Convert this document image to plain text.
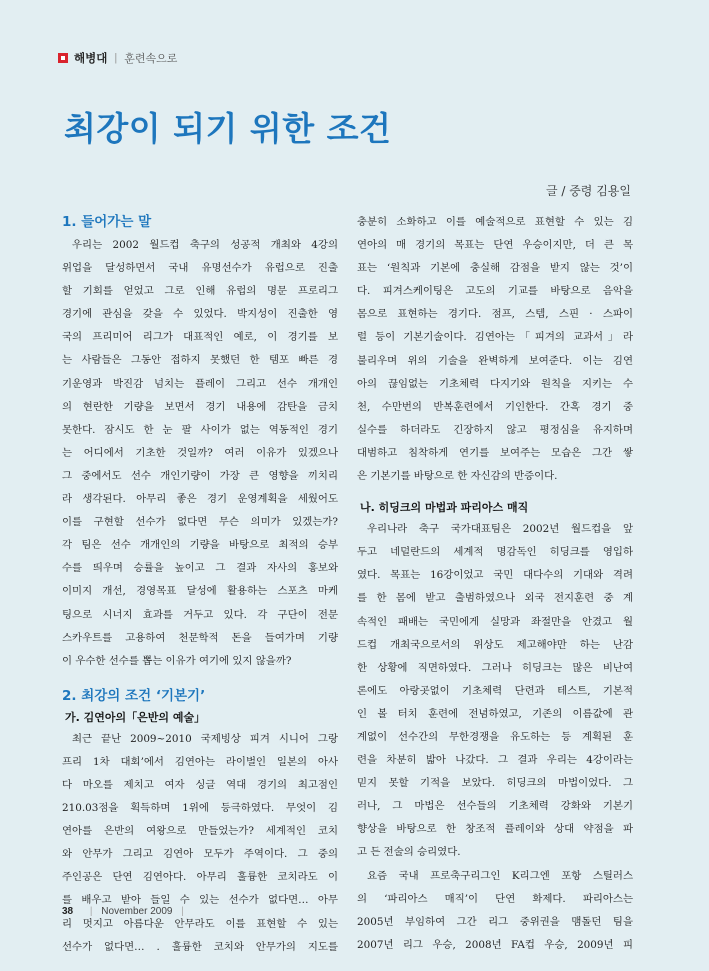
해병대 | 훈련속으로
최강이 되기 위한 조건
글 / 중령 김용일
1. 들어가는 말
우리는 2002 월드컵 축구의 성공적 개최와 4강의
위업을 달성하면서 국내 유명선수가 유럽으로 진출
할 기회를 얻었고 그로 인해 유럽의 명문 프로리그
경기에 관심을 갖을 수 있었다. 박지성이 진출한 영
국의 프리미어 리그가 대표적인 예로, 이 경기를 보
는 사람들은 그동안 접하지 못했던 한 템포 빠른 경
기운영과 박진감 넘치는 플레이 그리고 선수 개개인
의 현란한 기량을 보면서 경기 내용에 감탄을 금치
못한다. 잠시도 한 눈 팔 사이가 없는 역동적인 경기
는 어디에서 기초한 것일까? 여러 이유가 있겠으나
그 중에서도 선수 개인기량이 가장 큰 영향을 끼치리
라 생각된다. 아무리 좋은 경기 운영계획을 세웠어도
이를 구현할 선수가 없다면 무슨 의미가 있겠는가?
각 팀은 선수 개개인의 기량을 바탕으로 최적의 승부
수를 띄우며 승률을 높이고 그 결과 자사의 홍보와
이미지 개선, 경영목표 달성에 활용하는 스포츠 마케
팅으로 시너지 효과를 거두고 있다. 각 구단이 전문
스카우트를 고용하여 천문학적 돈을 들여가며 기량
이 우수한 선수를 뽑는 이유가 여기에 있지 않을까?
2. 최강의 조건 ‘기본기’
가. 김연아의「은반의 예술」
최근 끝난 2009~2010 국제빙상 피겨 시니어 그랑
프리 1차 대회’에서 김연아는 라이벌인 일본의 아사
다 마오를 제치고 여자 싱글 역대 경기의 최고점인
210.03점을 획득하며 1위에 등극하였다. 무엇이 김
연아를 은반의 여왕으로 만들었는가? 세계적인 코치
와 안무가 그리고 김연아 모두가 주역이다. 그 중의
주인공은 단연 김연아다. 아무리 훌륭한 코치라도 이
를 배우고 받아 들일 수 있는 선수가 없다면… 아무
리 멋지고 아름다운 안무라도 이를 표현할 수 있는
선수가 없다면… . 훌륭한 코치와 안무가의 지도를
충분히 소화하고 이를 예술적으로 표현할 수 있는 김
연아의 매 경기의 목표는 단연 우승이지만, 더 큰 목
표는 ‘원칙과 기본에 충실해 감점을 받지 않는 것’이
다. 피겨스케이팅은 고도의 기교를 바탕으로 음악을
몸으로 표현하는 경기다. 점프, 스텝, 스핀 · 스파이
럴 등이 기본기술이다. 김연아는「피겨의 교과서」라
불리우며 위의 기술을 완벽하게 보여준다. 이는 김연
아의 끊임없는 기초체력 다지기와 원칙을 지키는 수
천, 수만번의 반복훈련에서 기인한다. 간혹 경기 중
실수를 하더라도 긴장하지 않고 평정심을 유지하며
대범하고 침착하게 연기를 보여주는 모습은 그간 쌓
은 기본기를 바탕으로 한 자신감의 반증이다.
나. 히딩크의 마법과 파리아스 매직
우리나라 축구 국가대표팀은 2002년 월드컵을 앞
두고 네덜란드의 세계적 명감독인 히딩크를 영입하
였다. 목표는 16강이었고 국민 대다수의 기대와 격려
를 한 몸에 받고 출범하였으나 외국 전지훈련 중 계
속적인 패배는 국민에게 실망과 좌절만을 안겼고 월
드컵 개최국으로서의 위상도 제고해야만 하는 난감
한 상황에 직면하였다. 그러나 히딩크는 많은 비난여
론에도 아랑곳없이 기초체력 단련과 테스트, 기본적
인 볼 터치 훈련에 전념하였고, 기존의 이름값에 관
계없이 선수간의 무한경쟁을 유도하는 등 계획된 훈
련을 차분히 밟아 나갔다. 그 결과 우리는 4강이라는
믿지 못할 기적을 보았다. 히딩크의 마법이었다. 그
러나, 그 마법은 선수들의 기초체력 강화와 기본기
향상을 바탕으로 한 창조적 플레이와 상대 약점을 파
고 든 전술의 승리였다.
요즘 국내 프로축구리그인 K리그엔 포항 스틸러스
의 ‘파리아스 매직’이 단연 화제다. 파리아스는
2005년 부임하여 그간 리그 중위권을 맴돌던 팀을
2007년 리그 우승, 2008년 FA컵 우승, 2009년 피
38 | November 2009 |
